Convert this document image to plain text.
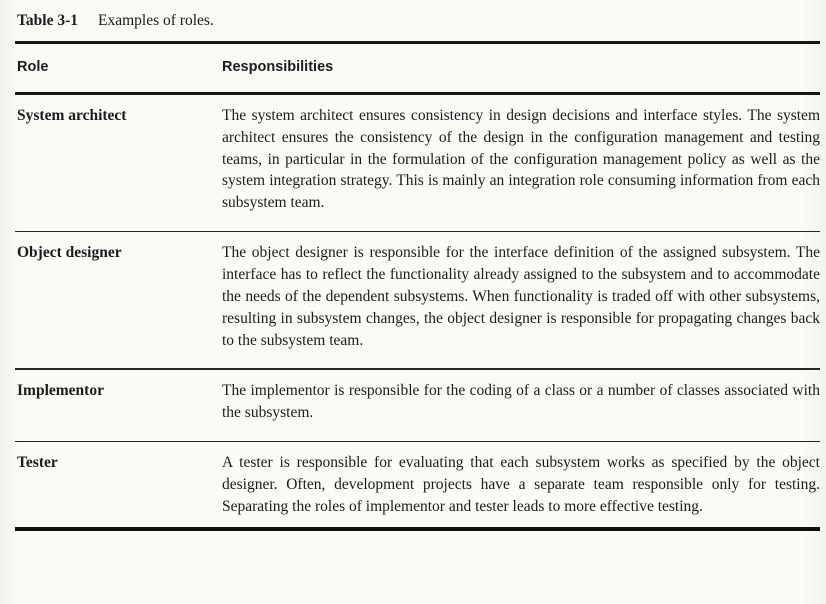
Table 3-1 Examples of roles.
Role	Responsibilities
System architect	The system architect ensures consistency in design decisions and interface styles. The system architect ensures the consistency of the design in the configuration management and testing teams, in particular in the formulation of the configuration management policy as well as the system integration strategy. This is mainly an integration role consuming information from each subsystem team.
Object designer	The object designer is responsible for the interface definition of the assigned subsystem. The interface has to reflect the functionality already assigned to the subsystem and to accommodate the needs of the dependent subsystems. When functionality is traded off with other subsystems, resulting in subsystem changes, the object designer is responsible for propagating changes back to the subsystem team.
Implementor	The implementor is responsible for the coding of a class or a number of classes associated with the subsystem.
Tester	A tester is responsible for evaluating that each subsystem works as specified by the object designer. Often, development projects have a separate team responsible only for testing. Separating the roles of implementor and tester leads to more effective testing.
